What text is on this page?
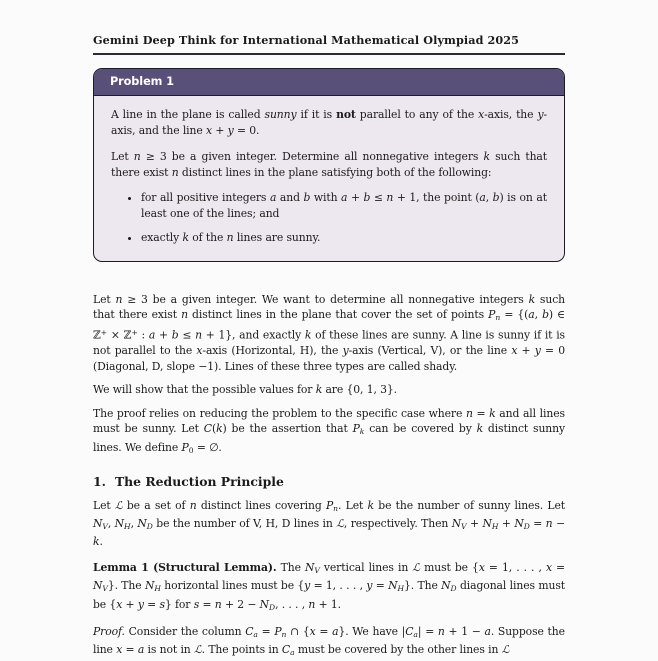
Gemini Deep Think for International Mathematical Olympiad 2025
Problem 1

A line in the plane is called sunny if it is not parallel to any of the x-axis, the y-axis, and the line x + y = 0.

Let n ≥ 3 be a given integer. Determine all nonnegative integers k such that there exist n distinct lines in the plane satisfying both of the following:

• for all positive integers a and b with a + b ≤ n + 1, the point (a, b) is on at least one of the lines; and
• exactly k of the n lines are sunny.

Let n ≥ 3 be a given integer. We want to determine all nonnegative integers k such that there exist n distinct lines in the plane that cover the set of points $P_n = \{(a$, b) ∈ ℤ+ × ℤ+ : a + b ≤ n + 1}, and exactly k of these lines are sunny. A line is sunny if it is not parallel to the x-axis (Horizontal, H), the y-axis (Vertical, V), or the line x + y = 0 (Diagonal, D, slope −1). Lines of these three types are called shady.

We will show that the possible values for k are {0, 1, 3}.

The proof relies on reducing the problem to the specific case where n = k and all lines must be sunny. Let C(k) be the assertion that $P_k$ can be covered by k distinct sunny lines. We define $P_0$ = ∅.

1. The Reduction Principle

Let ℒ be a set of n distinct lines covering $P_n$. Let k be the number of sunny lines. Let $N_V$, $N_H$, $N_D$ be the number of V, H, D lines in ℒ, respectively. Then $N_V + N_H + N_D = n - k$.

Lemma 1 (Structural Lemma). The $N_V$ vertical lines in ℒ must be {x = 1, . . . , $x = N_V$}. The $N_H$ horizontal lines must be {y = 1, . . . , $y = N_H$}. The $N_D$ diagonal lines must be {x + y = s} for $s = n + 2 - N_D$, . . . , n + 1.

Proof. Consider the column $C_a = P_n$ ∩ {x = a}. We have $|C_a| = n + 1 - a$. Suppose the line x = a is not in ℒ. The points in $C_a$ must be covered by the other lines in ℒ
